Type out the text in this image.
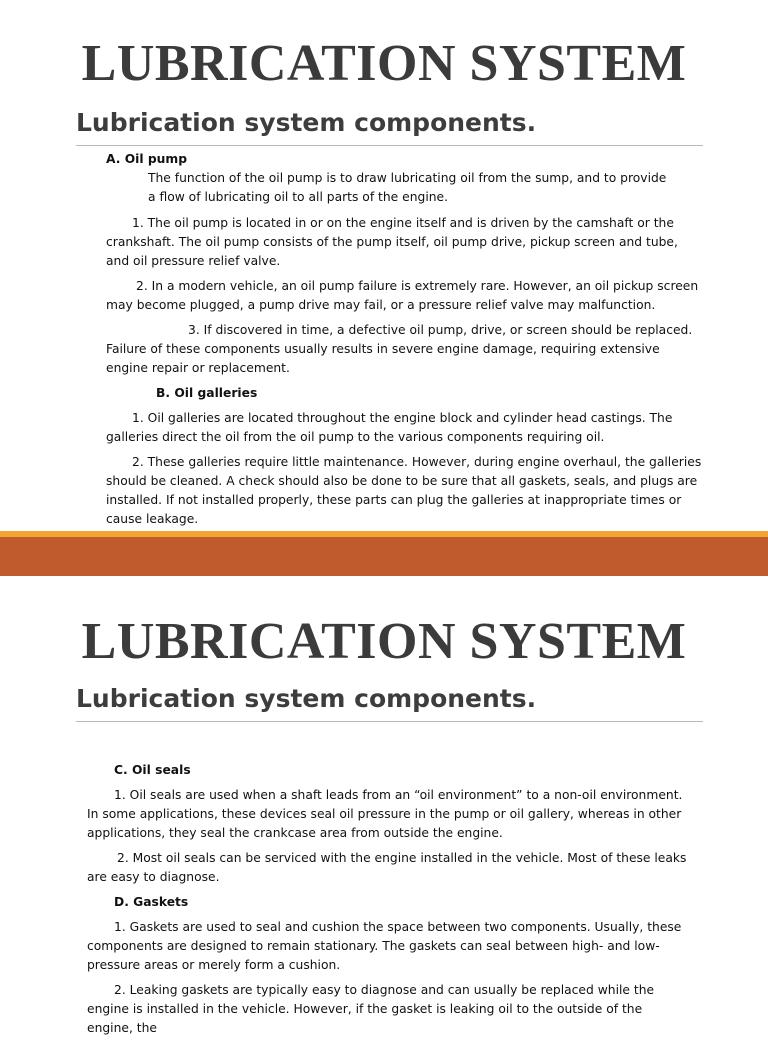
LUBRICATION SYSTEM
Lubrication system components.

A. Oil pump

The function of the oil pump is to draw lubricating oil from the sump, and to provide
a flow of lubricating oil to all parts of the engine.

1. The oil pump is located in or on the engine itself and is driven by the camshaft or the crankshaft. The oil pump consists of the pump itself, oil pump drive, pickup screen and tube, and oil pressure relief valve.

2. In a modern vehicle, an oil pump failure is extremely rare. However, an oil pickup screen may become plugged, a pump drive may fail, or a pressure relief valve may malfunction.

3. If discovered in time, a defective oil pump, drive, or screen should be replaced. Failure of these components usually results in severe engine damage, requiring extensive engine repair or replacement.

B. Oil galleries

1. Oil galleries are located throughout the engine block and cylinder head castings. The galleries direct the oil from the oil pump to the various components requiring oil.

2. These galleries require little maintenance. However, during engine overhaul, the galleries should be cleaned. A check should also be done to be sure that all gaskets, seals, and plugs are installed. If not installed properly, these parts can plug the galleries at inappropriate times or cause leakage.

LUBRICATION SYSTEM
Lubrication system components.

C. Oil seals

1. Oil seals are used when a shaft leads from an “oil environment” to a non-oil environment. In some applications, these devices seal oil pressure in the pump or oil gallery, whereas in other applications, they seal the crankcase area from outside the engine.

2. Most oil seals can be serviced with the engine installed in the vehicle. Most of these leaks are easy to diagnose.

D. Gaskets

1. Gaskets are used to seal and cushion the space between two components. Usually, these components are designed to remain stationary. The gaskets can seal between high- and low-pressure areas or merely form a cushion.

2. Leaking gaskets are typically easy to diagnose and can usually be replaced while the engine is installed in the vehicle. However, if the gasket is leaking oil to the outside of the engine, the
